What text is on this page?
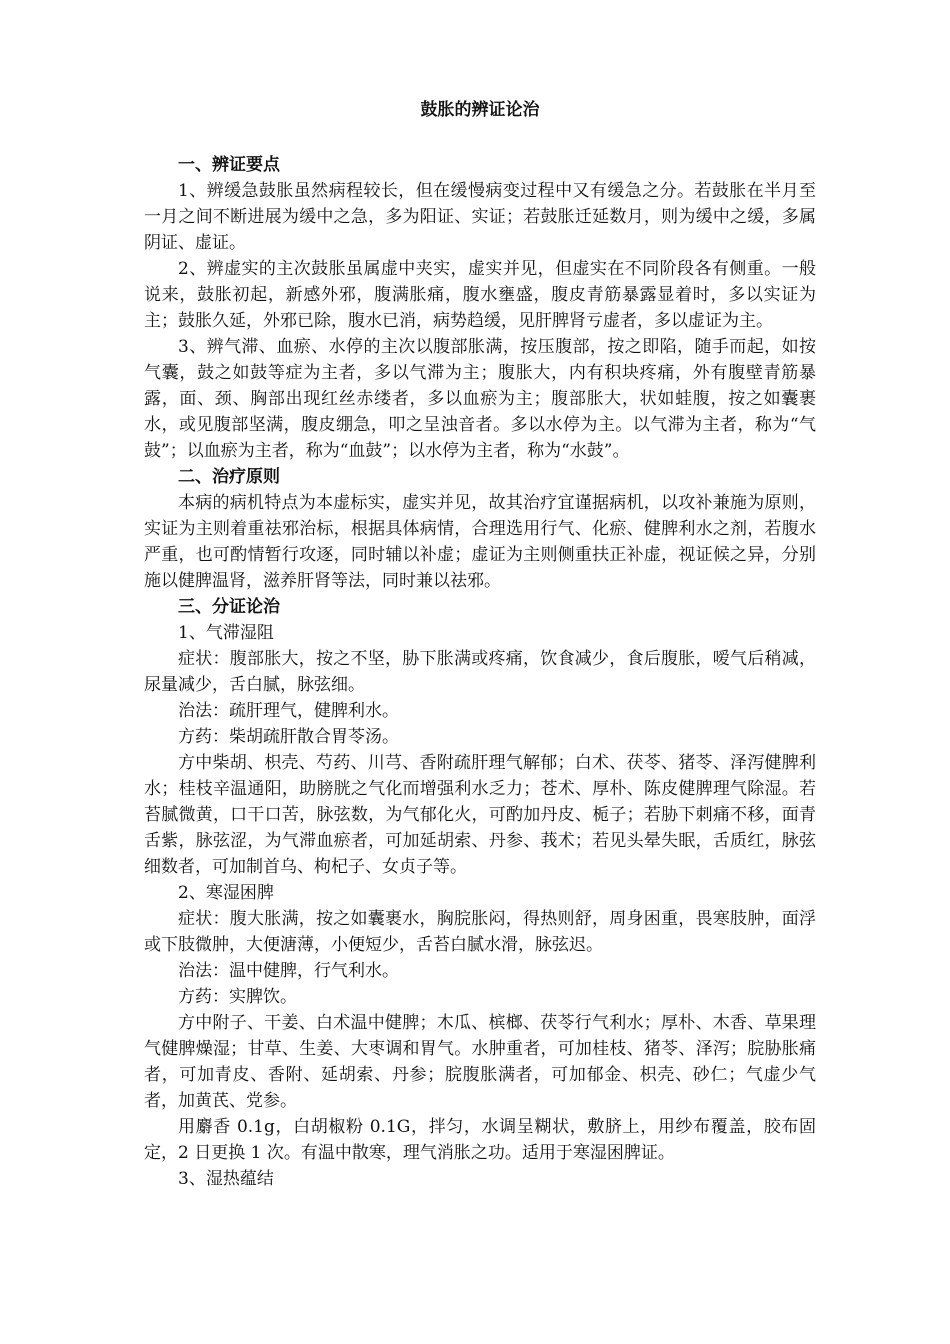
鼓胀的辨证论治

一、辨证要点

1、辨缓急鼓胀虽然病程较长，但在缓慢病变过程中又有缓急之分。若鼓胀在半月至一月之间不断进展为缓中之急，多为阳证、实证；若鼓胀迁延数月，则为缓中之缓，多属阴证、虚证。

2、辨虚实的主次鼓胀虽属虚中夹实，虚实并见，但虚实在不同阶段各有侧重。一般说来，鼓胀初起，新感外邪，腹满胀痛，腹水壅盛，腹皮青筋暴露显着时，多以实证为主；鼓胀久延，外邪已除，腹水已消，病势趋缓，见肝脾肾亏虚者，多以虚证为主。

3、辨气滞、血瘀、水停的主次以腹部胀满，按压腹部，按之即陷，随手而起，如按气囊，鼓之如鼓等症为主者，多以气滞为主；腹胀大，内有积块疼痛，外有腹壁青筋暴露，面、颈、胸部出现红丝赤缕者，多以血瘀为主；腹部胀大，状如蛙腹，按之如囊裹水，或见腹部坚满，腹皮绷急，叩之呈浊音者。多以水停为主。以气滞为主者，称为“气鼓”；以血瘀为主者，称为“血鼓”；以水停为主者，称为“水鼓”。

二、治疗原则

本病的病机特点为本虚标实，虚实并见，故其治疗宜谨据病机，以攻补兼施为原则，实证为主则着重祛邪治标，根据具体病情，合理选用行气、化瘀、健脾利水之剂，若腹水严重，也可酌情暂行攻逐，同时辅以补虚；虚证为主则侧重扶正补虚，视证候之异，分别施以健脾温肾，滋养肝肾等法，同时兼以祛邪。

三、分证论治

1、气滞湿阻

症状：腹部胀大，按之不坚，胁下胀满或疼痛，饮食减少，食后腹胀，嗳气后稍减，尿量减少，舌白腻，脉弦细。

治法：疏肝理气，健脾利水。

方药：柴胡疏肝散合胃苓汤。

方中柴胡、枳壳、芍药、川芎、香附疏肝理气解郁；白术、茯苓、猪苓、泽泻健脾利水；桂枝辛温通阳，助膀胱之气化而增强利水乏力；苍术、厚朴、陈皮健脾理气除湿。若苔腻微黄，口干口苦，脉弦数，为气郁化火，可酌加丹皮、栀子；若胁下刺痛不移，面青舌紫，脉弦涩，为气滞血瘀者，可加延胡索、丹参、莪术；若见头晕失眠，舌质红，脉弦细数者，可加制首乌、枸杞子、女贞子等。

2、寒湿困脾

症状：腹大胀满，按之如囊裹水，胸脘胀闷，得热则舒，周身困重，畏寒肢肿，面浮或下肢微肿，大便溏薄，小便短少，舌苔白腻水滑，脉弦迟。

治法：温中健脾，行气利水。

方药：实脾饮。

方中附子、干姜、白术温中健脾；木瓜、槟榔、茯苓行气利水；厚朴、木香、草果理气健脾燥湿；甘草、生姜、大枣调和胃气。水肿重者，可加桂枝、猪苓、泽泻；脘胁胀痛者，可加青皮、香附、延胡索、丹参；脘腹胀满者，可加郁金、枳壳、砂仁；气虚少气者，加黄芪、党参。

用麝香 0.1g，白胡椒粉 0.1G，拌匀，水调呈糊状，敷脐上，用纱布覆盖，胶布固定，2 日更换 1 次。有温中散寒，理气消胀之功。适用于寒湿困脾证。

3、湿热蕴结
